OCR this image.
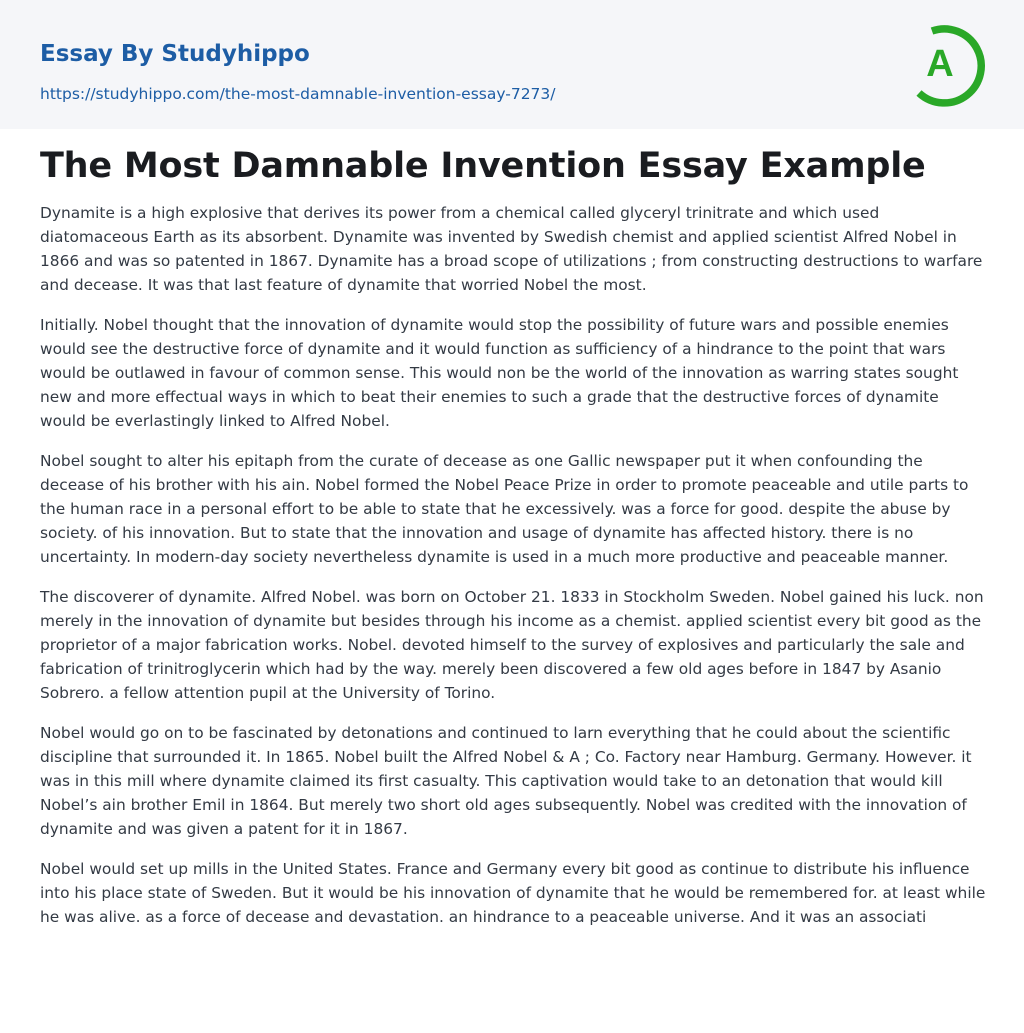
Essay By Studyhippo
https://studyhippo.com/the-most-damnable-invention-essay-7273/
A
The Most Damnable Invention Essay Example

Dynamite is a high explosive that derives its power from a chemical called glyceryl trinitrate and which used diatomaceous Earth as its absorbent. Dynamite was invented by Swedish chemist and applied scientist Alfred Nobel in 1866 and was so patented in 1867. Dynamite has a broad scope of utilizations ; from constructing destructions to warfare and decease. It was that last feature of dynamite that worried Nobel the most.

Initially. Nobel thought that the innovation of dynamite would stop the possibility of future wars and possible enemies would see the destructive force of dynamite and it would function as sufficiency of a hindrance to the point that wars would be outlawed in favour of common sense. This would non be the world of the innovation as warring states sought new and more effectual ways in which to beat their enemies to such a grade that the destructive forces of dynamite would be everlastingly linked to Alfred Nobel.

Nobel sought to alter his epitaph from the curate of decease as one Gallic newspaper put it when confounding the decease of his brother with his ain. Nobel formed the Nobel Peace Prize in order to promote peaceable and utile parts to the human race in a personal effort to be able to state that he excessively. was a force for good. despite the abuse by society. of his innovation. But to state that the innovation and usage of dynamite has affected history. there is no uncertainty. In modern-day society nevertheless dynamite is used in a much more productive and peaceable manner.

The discoverer of dynamite. Alfred Nobel. was born on October 21. 1833 in Stockholm Sweden. Nobel gained his luck. non merely in the innovation of dynamite but besides through his income as a chemist. applied scientist every bit good as the proprietor of a major fabrication works. Nobel. devoted himself to the survey of explosives and particularly the sale and fabrication of trinitroglycerin which had by the way. merely been discovered a few old ages before in 1847 by Asanio Sobrero. a fellow attention pupil at the University of Torino.

Nobel would go on to be fascinated by detonations and continued to larn everything that he could about the scientific discipline that surrounded it. In 1865. Nobel built the Alfred Nobel & A ; Co. Factory near Hamburg. Germany. However. it was in this mill where dynamite claimed its first casualty. This captivation would take to an detonation that would kill Nobel’s ain brother Emil in 1864. But merely two short old ages subsequently. Nobel was credited with the innovation of dynamite and was given a patent for it in 1867.

Nobel would set up mills in the United States. France and Germany every bit good as continue to distribute his influence into his place state of Sweden. But it would be his innovation of dynamite that he would be remembered for. at least while he was alive. as a force of decease and devastation. an hindrance to a peaceable universe. And it was an associati
